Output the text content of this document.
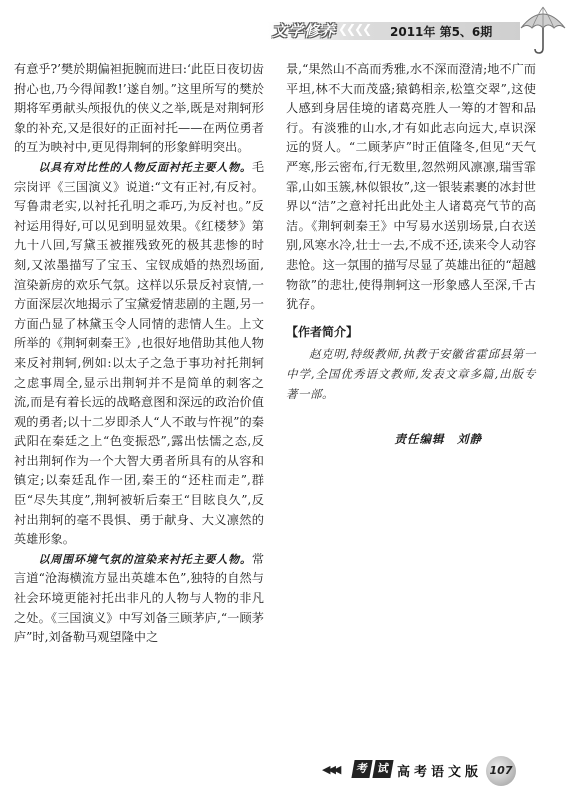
文学修养 ❮❮❮❮ 2011年 第5、6期

有意乎?’樊於期偏袒扼腕而进曰:‘此臣日夜切齿拊心也,乃今得闻教!’遂自刎。”这里所写的樊於期将军勇献头颅报仇的侠义之举,既是对荆轲形象的补充,又是很好的正面衬托——在两位勇者的互为映衬中,更见得荆轲的形象鲜明突出。

以具有对比性的人物反面衬托主要人物。毛宗岗评《三国演义》说道:“文有正衬,有反衬。写鲁肃老实,以衬托孔明之乖巧,为反衬也。”反衬运用得好,可以见到明显效果。《红楼梦》第九十八回,写黛玉被摧残致死的极其悲惨的时刻,又浓墨描写了宝玉、宝钗成婚的热烈场面,渲染新房的欢乐气氛。这样以乐景反衬哀情,一方面深层次地揭示了宝黛爱情悲剧的主题,另一方面凸显了林黛玉令人同情的悲情人生。上文所举的《荆轲刺秦王》,也很好地借助其他人物来反衬荆轲,例如:以太子之急于事功衬托荆轲之虑事周全,显示出荆轲并不是简单的刺客之流,而是有着长远的战略意图和深远的政治价值观的勇者;以十二岁即杀人“人不敢与忤视”的秦武阳在秦廷之上“色变振恐”,露出怯懦之态,反衬出荆轲作为一个大智大勇者所具有的从容和镇定;以秦廷乱作一团,秦王的“还柱而走”,群臣“尽失其度”,荆轲被斩后秦王“目眩良久”,反衬出荆轲的毫不畏惧、勇于献身、大义凛然的英雄形象。

以周围环境气氛的渲染来衬托主要人物。常言道“沧海横流方显出英雄本色”,独特的自然与社会环境更能衬托出非凡的人物与人物的非凡之处。《三国演义》中写刘备三顾茅庐,“一顾茅庐”时,刘备勒马观望隆中之

景,“果然山不高而秀雅,水不深而澄清;地不广而平坦,林不大而茂盛;猿鹤相亲,松篁交翠”,这使人感到身居佳境的诸葛亮胜人一筹的才智和品行。有淡雅的山水,才有如此志向远大,卓识深远的贤人。“二顾茅庐”时正值隆冬,但见“天气严寒,彤云密布,行无数里,忽然朔风凛凛,瑞雪霏霏,山如玉簇,林似银妆”,这一银装素裹的冰封世界以“洁”之意衬托出此处主人诸葛亮气节的高洁。《荆轲刺秦王》中写易水送别场景,白衣送别,风寒水冷,壮士一去,不成不还,读来令人动容悲怆。这一氛围的描写尽显了英雄出征的“超越物欲”的悲壮,使得荆轲这一形象感人至深,千古犹存。

【作者简介】

赵克明,特级教师,执教于安徽省霍邱县第一中学,全国优秀语文教师,发表文章多篇,出版专著一部。

责任编辑　刘静
◀◀◀	考 试 高考语文版 107
